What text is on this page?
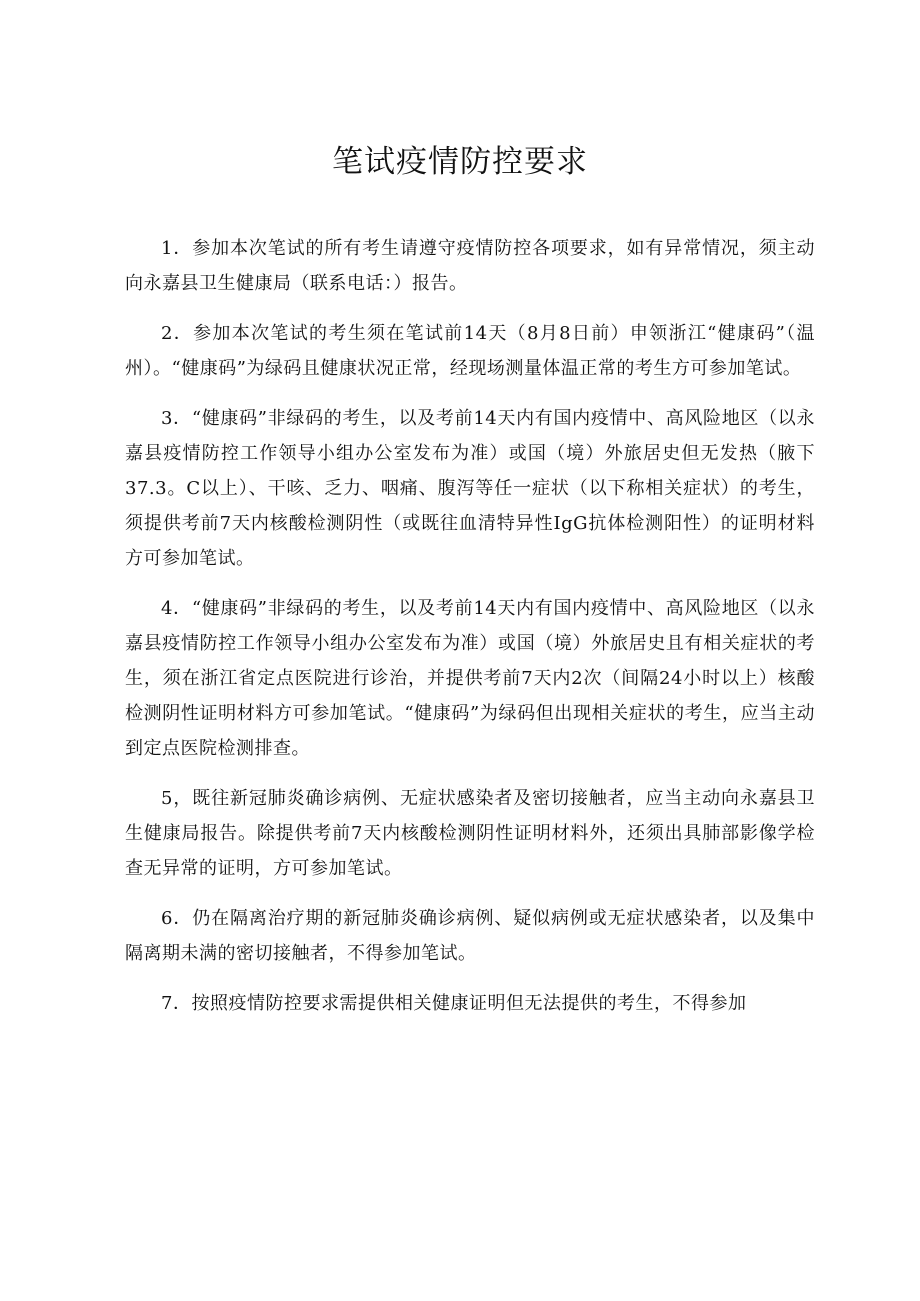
笔试疫情防控要求

1．参加本次笔试的所有考生请遵守疫情防控各项要求，如有异常情况，须主动向永嘉县卫生健康局（联系电话：）报告。

2．参加本次笔试的考生须在笔试前14天（8月8日前）申领浙江“健康码”（温州）。“健康码”为绿码且健康状况正常，经现场测量体温正常的考生方可参加笔试。

3．“健康码”非绿码的考生，以及考前14天内有国内疫情中、高风险地区（以永嘉县疫情防控工作领导小组办公室发布为准）或国（境）外旅居史但无发热（腋下37.3。C以上）、干咳、乏力、咽痛、腹泻等任一症状（以下称相关症状）的考生，须提供考前7天内核酸检测阴性（或既往血清特异性IgG抗体检测阳性）的证明材料方可参加笔试。

4．“健康码”非绿码的考生，以及考前14天内有国内疫情中、高风险地区（以永嘉县疫情防控工作领导小组办公室发布为准）或国（境）外旅居史且有相关症状的考生，须在浙江省定点医院进行诊治，并提供考前7天内2次（间隔24小时以上）核酸检测阴性证明材料方可参加笔试。“健康码”为绿码但出现相关症状的考生，应当主动到定点医院检测排查。

5，既往新冠肺炎确诊病例、无症状感染者及密切接触者，应当主动向永嘉县卫生健康局报告。除提供考前7天内核酸检测阴性证明材料外，还须出具肺部影像学检查无异常的证明，方可参加笔试。

6．仍在隔离治疗期的新冠肺炎确诊病例、疑似病例或无症状感染者，以及集中隔离期未满的密切接触者，不得参加笔试。

7．按照疫情防控要求需提供相关健康证明但无法提供的考生，不得参加
